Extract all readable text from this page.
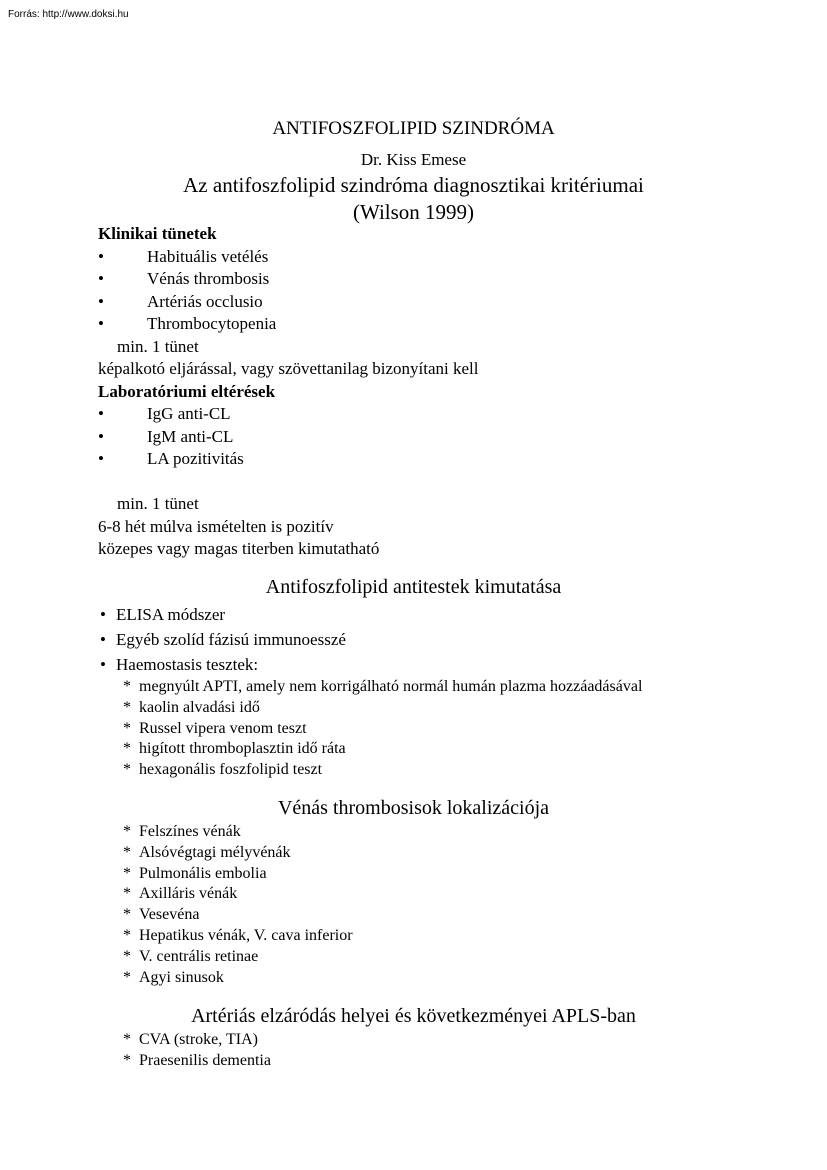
Forrás: http://www.doksi.hu
ANTIFOSZFOLIPID SZINDRÓMA
Dr. Kiss Emese
Az antifoszfolipid szindróma diagnosztikai kritériumai
(Wilson 1999)
Klinikai tünetek
•	Habituális vetélés
•	Vénás thrombosis
•	Artériás occlusio
•	Thrombocytopenia
min. 1 tünet
képalkotó eljárással, vagy szövettanilag bizonyítani kell
Laboratóriumi eltérések
•	IgG anti-CL
•	IgM anti-CL
•	LA pozitivitás
min. 1 tünet
6-8 hét múlva ismételten is pozitív
közepes vagy magas titerben kimutatható
Antifoszfolipid antitestek kimutatása
• ELISA módszer
• Egyéb szolíd fázisú immunoesszé
• Haemostasis tesztek:
* megnyúlt APTI, amely nem korrigálható normál humán plazma hozzáadásával
* kaolin alvadási idő
* Russel vipera venom teszt
* higított thromboplasztin idő ráta
* hexagonális foszfolipid teszt
Vénás thrombosisok lokalizációja
* Felszínes vénák
* Alsóvégtagi mélyvénák
* Pulmonális embolia
* Axilláris vénák
* Vesevéna
* Hepatikus vénák, V. cava inferior
* V. centrális retinae
* Agyi sinusok
Artériás elzáródás helyei és következményei APLS-ban
* CVA (stroke, TIA)
* Praesenilis dementia
